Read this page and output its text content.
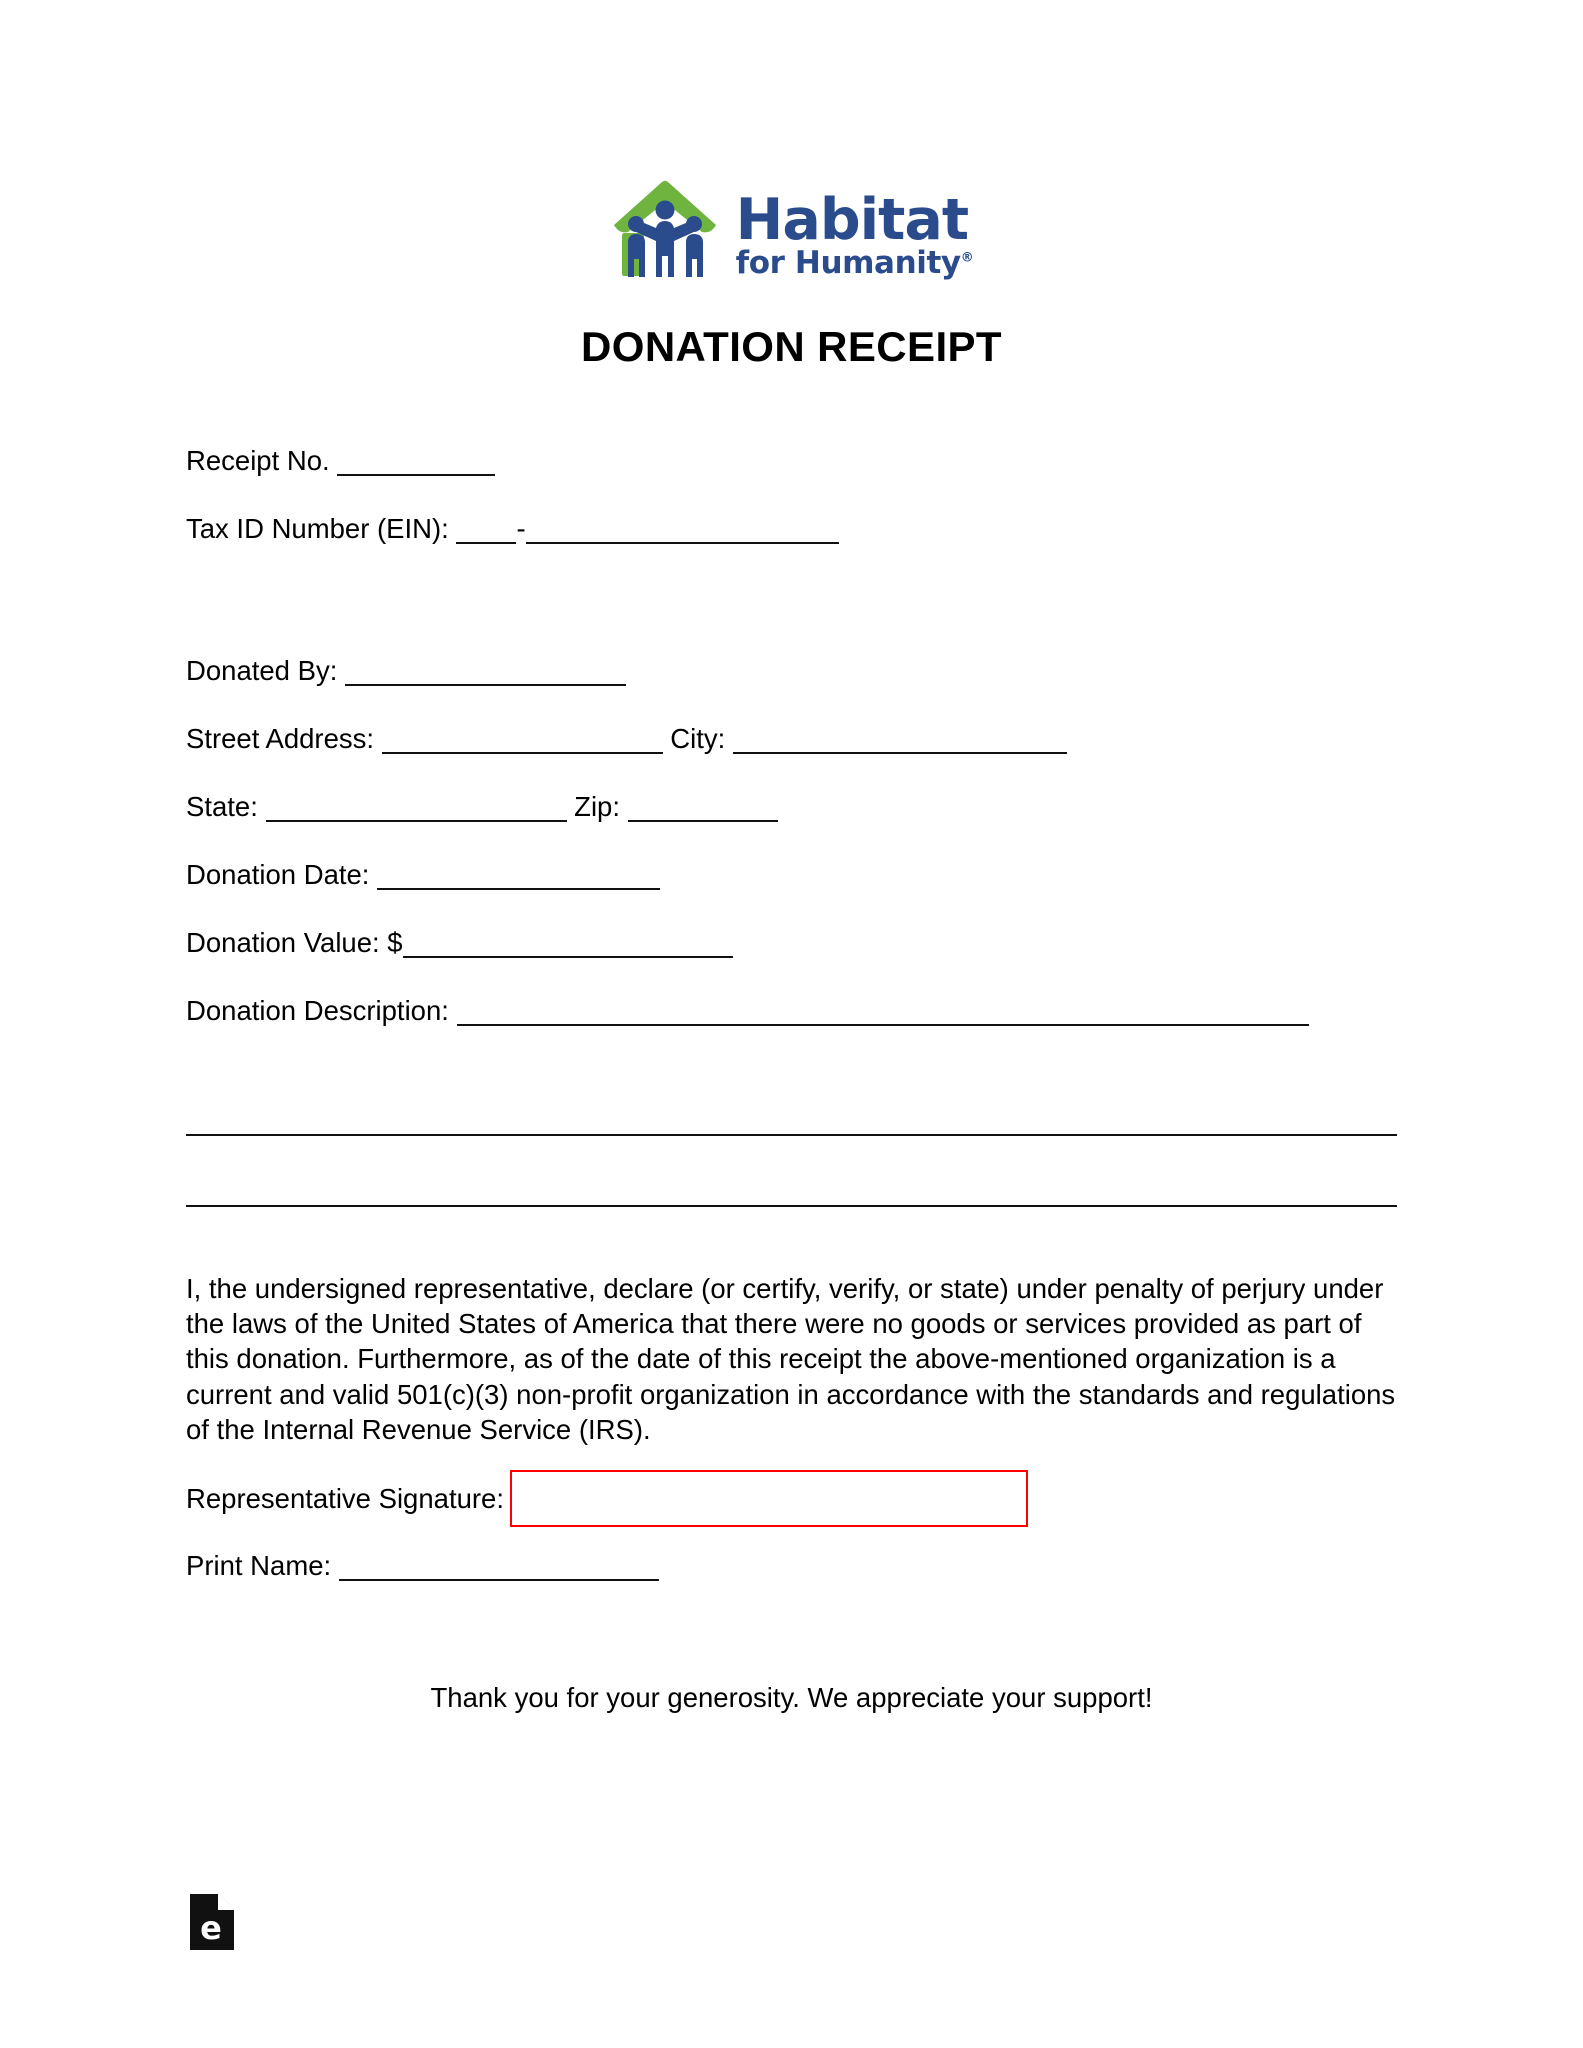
Habitat
for Humanity®
DONATION RECEIPT
Receipt No.
Tax ID Number (EIN): -
Donated By:
Street Address:	City:
State:	Zip:
Donation Date:
Donation Value: $
Donation Description:

I, the undersigned representative, declare (or certify, verify, or state) under penalty of perjury under the laws of the United States of America that there were no goods or services provided as part of this donation. Furthermore, as of the date of this receipt the above-mentioned organization is a current and valid 501(c)(3) non-profit organization in accordance with the standards and regulations of the Internal Revenue Service (IRS).

Representative Signature:
Print Name:
Thank you for your generosity. We appreciate your support!
e
